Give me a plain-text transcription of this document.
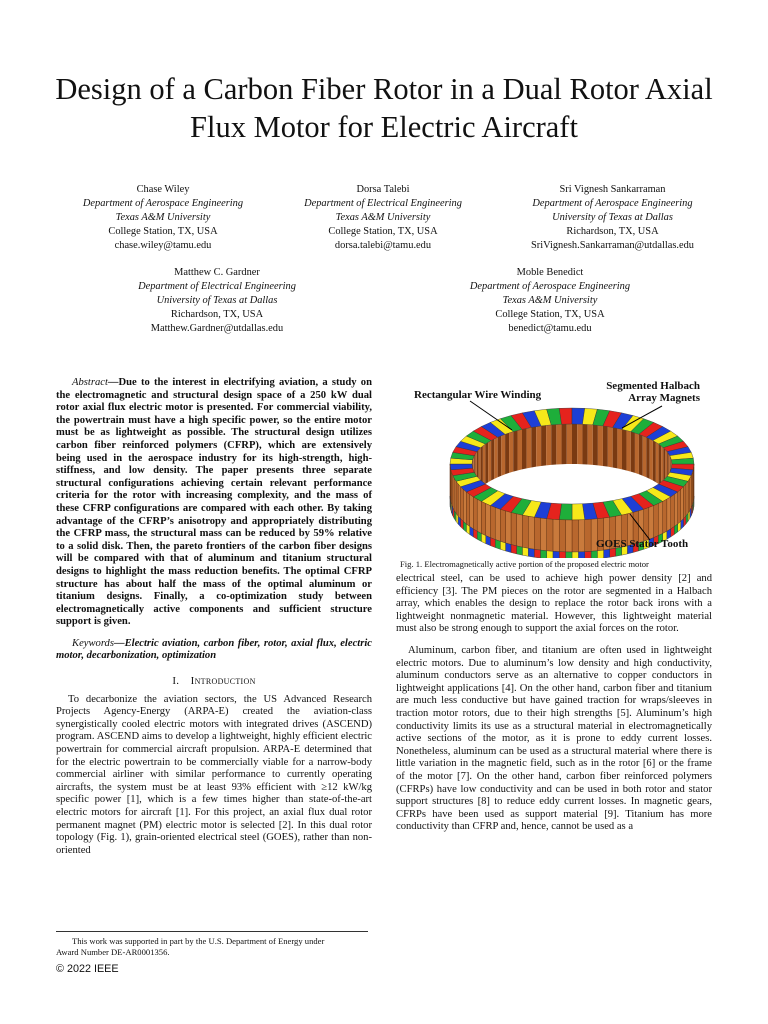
Design of a Carbon Fiber Rotor in a Dual Rotor Axial Flux Motor for Electric Aircraft
Chase Wiley
Department of Aerospace Engineering
Texas A&M University
College Station, TX, USA
chase.wiley@tamu.edu
Dorsa Talebi
Department of Electrical Engineering
Texas A&M University
College Station, TX, USA
dorsa.talebi@tamu.edu
Sri Vignesh Sankarraman
Department of Aerospace Engineering
University of Texas at Dallas
Richardson, TX, USA
SriVignesh.Sankarraman@utdallas.edu
Matthew C. Gardner
Department of Electrical Engineering
University of Texas at Dallas
Richardson, TX, USA
Matthew.Gardner@utdallas.edu
Moble Benedict
Department of Aerospace Engineering
Texas A&M University
College Station, TX, USA
benedict@tamu.edu

Abstract—Due to the interest in electrifying aviation, a study on the electromagnetic and structural design space of a 250 kW dual rotor axial flux electric motor is presented. For commercial viability, the powertrain must have a high specific power, so the entire motor must be as lightweight as possible. The structural design utilizes carbon fiber reinforced polymers (CFRP), which are extensively being used in the aerospace industry for its high-strength, high-stiffness, and low density. The paper presents three separate structural configurations achieving certain relevant performance criteria for the rotor with increasing complexity, and the mass of these CFRP configurations are compared with each other. By taking advantage of the CFRP’s anisotropy and appropriately distributing the CFRP mass, the structural mass can be reduced by 59% relative to a solid disk. Then, the pareto frontiers of the carbon fiber designs will be compared with that of aluminum and titanium structural designs to highlight the mass reduction benefits. The optimal CFRP structure has about half the mass of the optimal aluminum or titanium designs. Finally, a co-optimization study between electromagnetically active components and sufficient structure support is given.

Keywords—Electric aviation, carbon fiber, rotor, axial flux, electric motor, decarbonization, optimization

I. Introduction

To decarbonize the aviation sectors, the US Advanced Research Projects Agency-Energy (ARPA-E) created the aviation-class synergistically cooled electric motors with integrated drives (ASCEND) program. ASCEND aims to develop a lightweight, highly efficient electric powertrain for commercial aircraft propulsion. ARPA-E determined that for the electric powertrain to be commercially viable for a narrow-body commercial airliner with similar performance to currently operating aircrafts, the system must be at least 93% efficient with ≥12 kW/kg specific power [1], which is a few times higher than state-of-the-art electric motors for aircraft [1]. For this project, an axial flux dual rotor permanent magnet (PM) electric motor is selected [2]. In this dual rotor topology (Fig. 1), grain-oriented electrical steel (GOES), rather than non-oriented

Rectangular Wire Winding
Segmented Halbach Array Magnets
GOES Stator Tooth
Fig. 1. Electromagnetically active portion of the proposed electric motor

electrical steel, can be used to achieve high power density [2] and efficiency [3]. The PM pieces on the rotor are segmented in a Halbach array, which enables the design to replace the rotor back irons with a lightweight nonmagnetic material. However, this lightweight material must also be strong enough to support the axial forces on the rotor.

Aluminum, carbon fiber, and titanium are often used in lightweight electric motors. Due to aluminum’s low density and high conductivity, aluminum conductors serve as an alternative to copper conductors in lightweight applications [4]. On the other hand, carbon fiber and titanium are much less conductive but have gained traction for wraps/sleeves in traction motor rotors, due to their high strengths [5]. Aluminum’s high conductivity limits its use as a structural material in electromagnetically active sections of the motor, as it is prone to eddy current losses. Nonetheless, aluminum can be used as a structural material where there is little variation in the magnetic field, such as in the rotor [6] or the frame of the motor [7]. On the other hand, carbon fiber reinforced polymers (CFRPs) have low conductivity and can be used in both rotor and stator support structures [8] to reduce eddy current losses. In magnetic gears, CFRPs have been used as support material [9]. Titanium has more conductivity than CFRP and, hence, cannot be used as a

This work was supported in part by the U.S. Department of Energy under
Award Number DE-AR0001356.
© 2022 IEEE
